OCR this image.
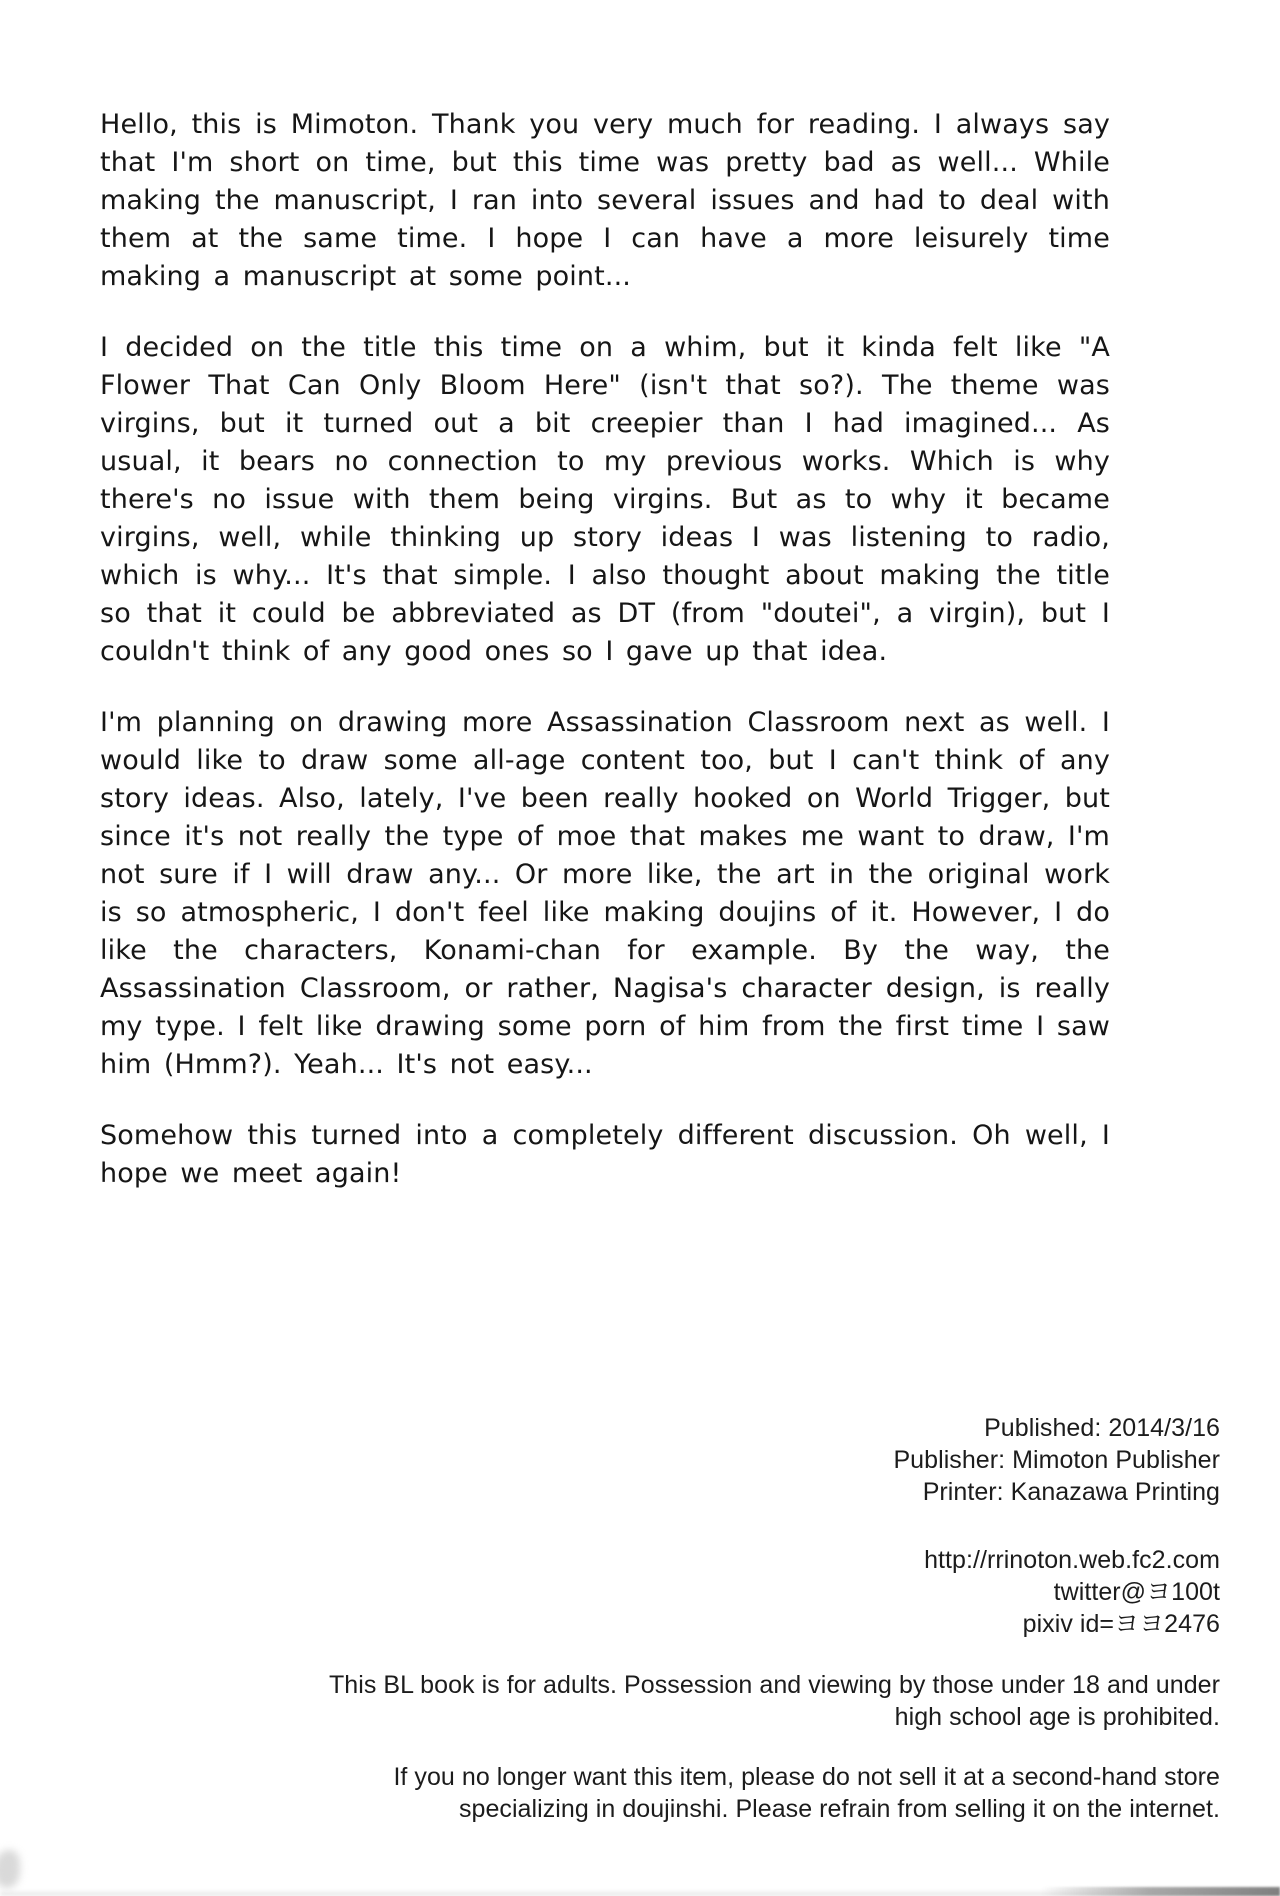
Hello, this is Mimoton. Thank you very much for reading. I always say that I'm short on time, but this time was pretty bad as well... While making the manuscript, I ran into several issues and had to deal with them at the same time. I hope I can have a more leisurely time making a manuscript at some point...

I decided on the title this time on a whim, but it kinda felt like "A Flower That Can Only Bloom Here" (isn't that so?). The theme was virgins, but it turned out a bit creepier than I had imagined... As usual, it bears no connection to my previous works. Which is why there's no issue with them being virgins. But as to why it became virgins, well, while thinking up story ideas I was listening to radio, which is why... It's that simple. I also thought about making the title so that it could be abbreviated as DT (from "doutei", a virgin), but I couldn't think of any good ones so I gave up that idea.

I'm planning on drawing more Assassination Classroom next as well. I would like to draw some all-age content too, but I can't think of any story ideas. Also, lately, I've been really hooked on World Trigger, but since it's not really the type of moe that makes me want to draw, I'm not sure if I will draw any... Or more like, the art in the original work is so atmospheric, I don't feel like making doujins of it. However, I do like the characters, Konami-chan for example. By the way, the Assassination Classroom, or rather, Nagisa's character design, is really my type. I felt like drawing some porn of him from the first time I saw him (Hmm?). Yeah... It's not easy...

Somehow this turned into a completely different discussion. Oh well, I hope we meet again!

Published: 2014/3/16
Publisher: Mimoton Publisher
Printer: Kanazawa Printing
http://rrinoton.web.fc2.com
twitter@ヨ100t
pixiv id=ヨヨ2476
This BL book is for adults. Possession and viewing by those under 18 and under
high school age is prohibited.
If you no longer want this item, please do not sell it at a second-hand store
specializing in doujinshi. Please refrain from selling it on the internet.
